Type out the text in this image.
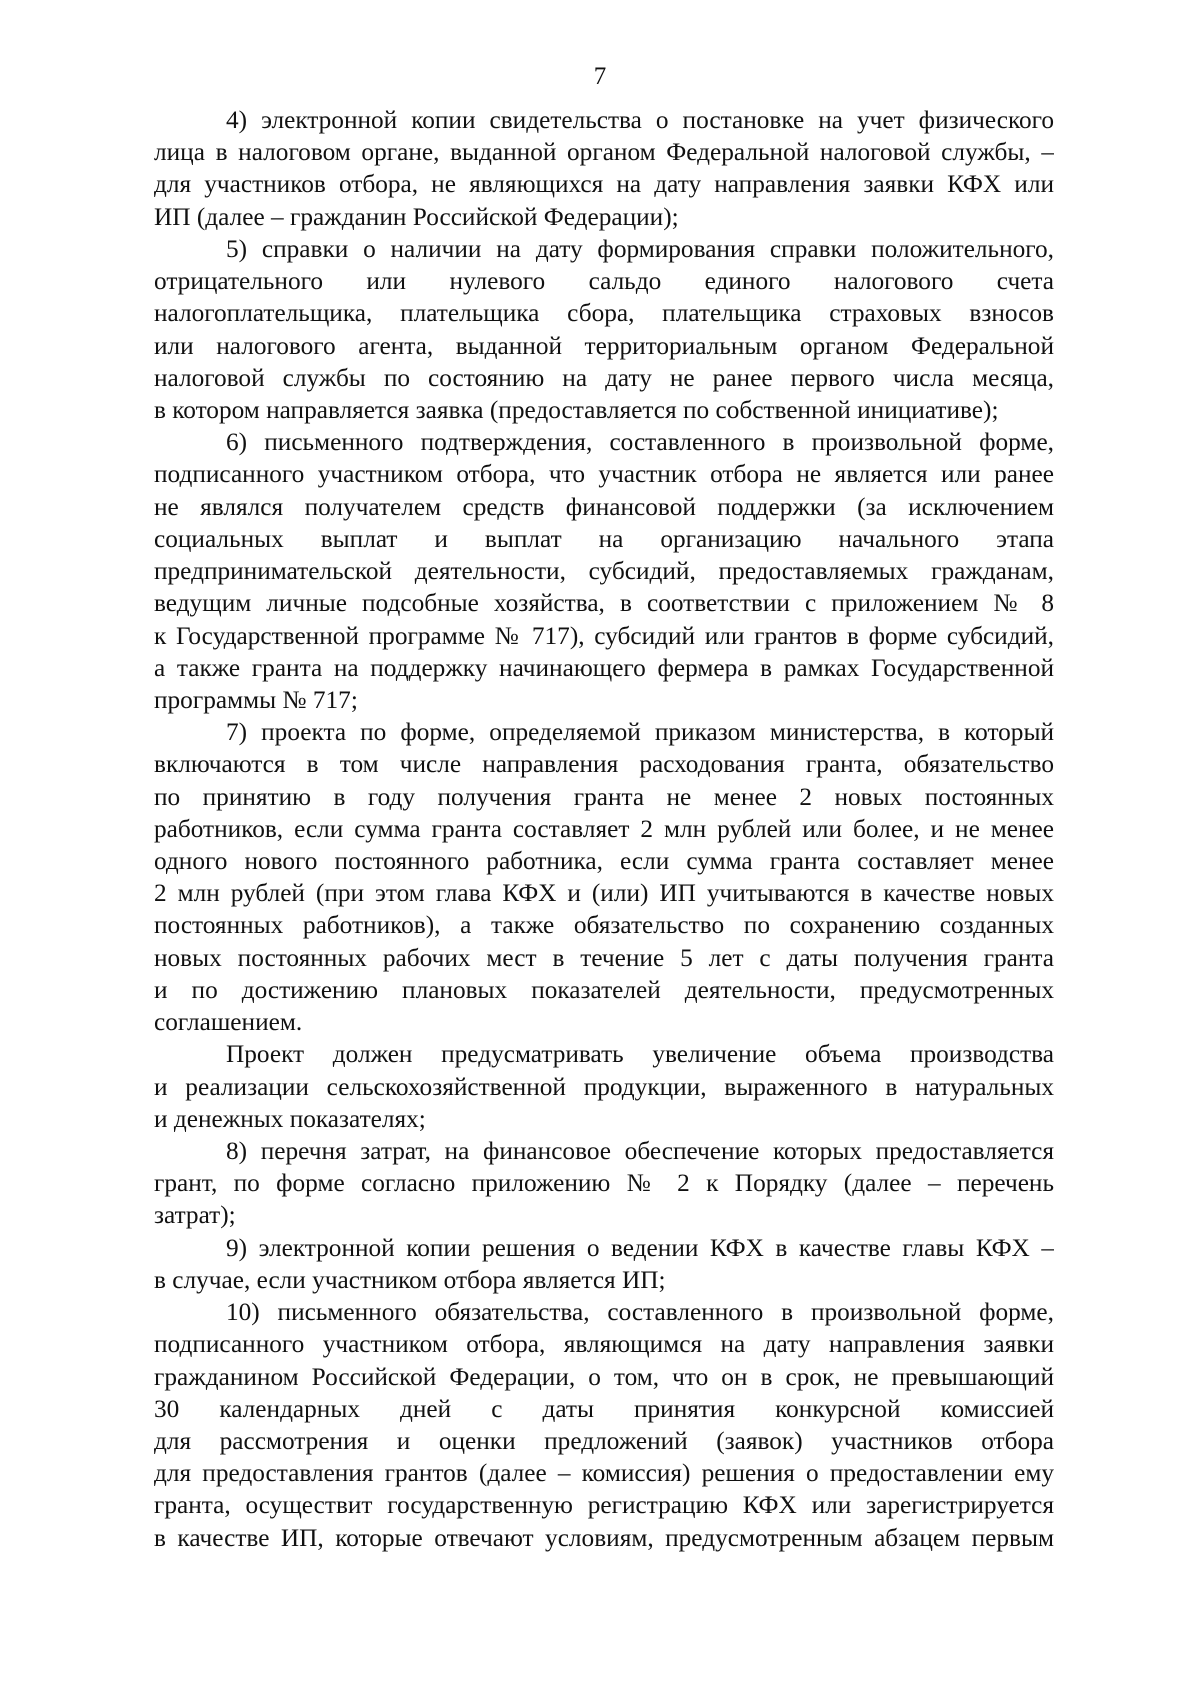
7
4) электронной копии свидетельства о постановке на учет физического
лица в налоговом органе, выданной органом Федеральной налоговой службы, –
для участников отбора, не являющихся на дату направления заявки КФХ или
ИП (далее – гражданин Российской Федерации);
5) справки о наличии на дату формирования справки положительного,
отрицательного или нулевого сальдо единого налогового счета
налогоплательщика, плательщика сбора, плательщика страховых взносов
или налогового агента, выданной территориальным органом Федеральной
налоговой службы по состоянию на дату не ранее первого числа месяца,
в котором направляется заявка (предоставляется по собственной инициативе);
6) письменного подтверждения, составленного в произвольной форме,
подписанного участником отбора, что участник отбора не является или ранее
не являлся получателем средств финансовой поддержки (за исключением
социальных выплат и выплат на организацию начального этапа
предпринимательской деятельности, субсидий, предоставляемых гражданам,
ведущим личные подсобные хозяйства, в соответствии с приложением № 8
к Государственной программе № 717), субсидий или грантов в форме субсидий,
а также гранта на поддержку начинающего фермера в рамках Государственной
программы № 717;
7) проекта по форме, определяемой приказом министерства, в который
включаются в том числе направления расходования гранта, обязательство
по принятию в году получения гранта не менее 2 новых постоянных
работников, если сумма гранта составляет 2 млн рублей или более, и не менее
одного нового постоянного работника, если сумма гранта составляет менее
2 млн рублей (при этом глава КФХ и (или) ИП учитываются в качестве новых
постоянных работников), а также обязательство по сохранению созданных
новых постоянных рабочих мест в течение 5 лет с даты получения гранта
и по достижению плановых показателей деятельности, предусмотренных
соглашением.
Проект должен предусматривать увеличение объема производства
и реализации сельскохозяйственной продукции, выраженного в натуральных
и денежных показателях;
8) перечня затрат, на финансовое обеспечение которых предоставляется
грант, по форме согласно приложению № 2 к Порядку (далее – перечень
затрат);
9) электронной копии решения о ведении КФХ в качестве главы КФХ –
в случае, если участником отбора является ИП;
10) письменного обязательства, составленного в произвольной форме,
подписанного участником отбора, являющимся на дату направления заявки
гражданином Российской Федерации, о том, что он в срок, не превышающий
30 календарных дней с даты принятия конкурсной комиссией
для рассмотрения и оценки предложений (заявок) участников отбора
для предоставления грантов (далее – комиссия) решения о предоставлении ему
гранта, осуществит государственную регистрацию КФХ или зарегистрируется
в качестве ИП, которые отвечают условиям, предусмотренным абзацем первым
